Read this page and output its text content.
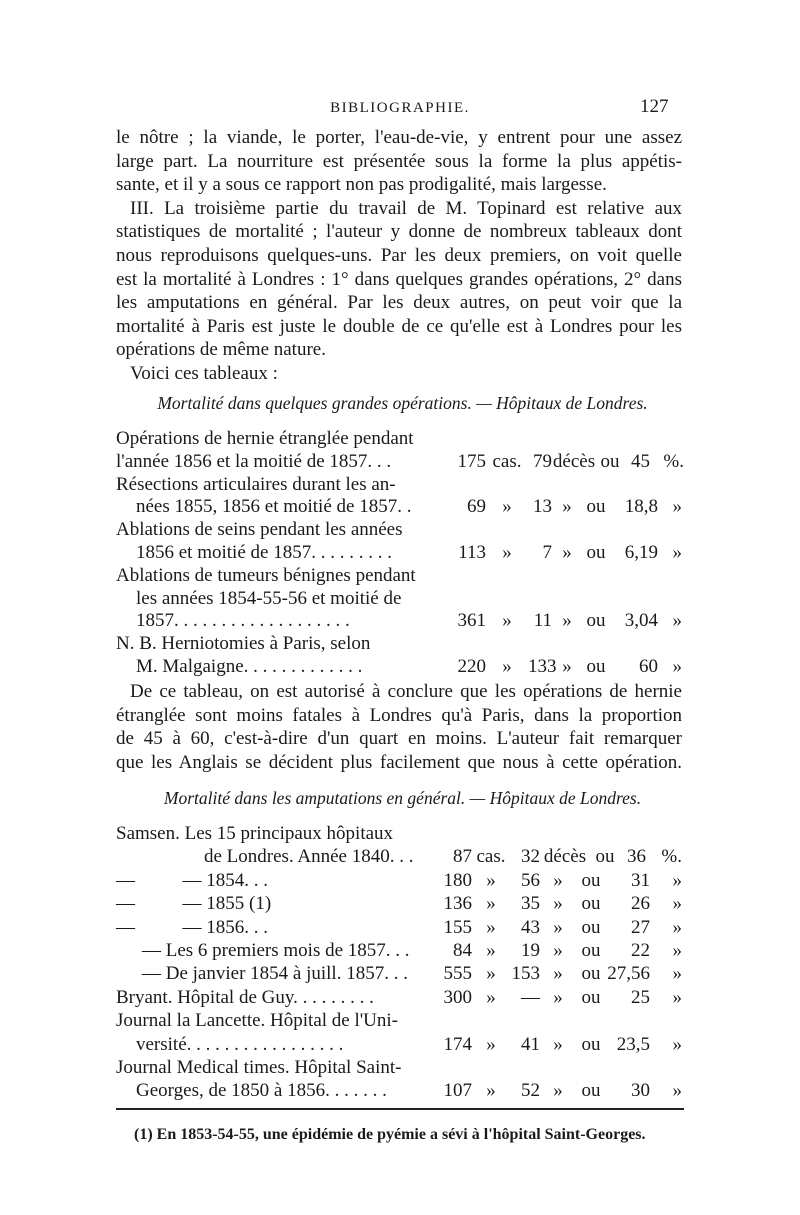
BIBLIOGRAPHIE.	127
le nôtre ; la viande, le porter, l'eau-de-vie, y entrent pour une assez
large part. La nourriture est présentée sous la forme la plus appétis-
sante, et il y a sous ce rapport non pas prodigalité, mais largesse.
III. La troisième partie du travail de M. Topinard est relative aux
statistiques de mortalité ; l'auteur y donne de nombreux tableaux dont
nous reproduisons quelques-uns. Par les deux premiers, on voit quelle
est la mortalité à Londres : 1° dans quelques grandes opérations, 2° dans
les amputations en général. Par les deux autres, on peut voir que la
mortalité à Paris est juste le double de ce qu'elle est à Londres pour les
opérations de même nature.
Voici ces tableaux :
Mortalité dans quelques grandes opérations. — Hôpitaux de Londres.
Opérations de hernie étranglée pendant
l'année 1856 et la moitié de 1857. . .	175 cas. 79 décès ou 45 %.
Résections articulaires durant les an-
nées 1855, 1856 et moitié de 1857. .	69 »	13 » ou	18,8 »
Ablations de seins pendant les années
1856 et moitié de 1857. . . . . . . . .	113 »	7 » ou	6,19 »
Ablations de tumeurs bénignes pendant
les années 1854-55-56 et moitié de
1857. . . . . . . . . . . . . . . . . . .	361 »	11 » ou	3,04 »
N. B. Herniotomies à Paris, selon
M. Malgaigne. . . . . . . . . . . . .	220 » 133 » ou	60 »
De ce tableau, on est autorisé à conclure que les opérations de hernie
étranglée sont moins fatales à Londres qu'à Paris, dans la proportion
de 45 à 60, c'est-à-dire d'un quart en moins. L'auteur fait remarquer
que les Anglais se décident plus facilement que nous à cette opération.
Mortalité dans les amputations en général. — Hôpitaux de Londres.
Samsen. Les 15 principaux hôpitaux
de Londres. Année 1840. . .	87 cas. 32 décès ou 36 %.
—          — 1854. . .	180 »	56 » ou	31	»
—          — 1855 (1)	136 »	35 » ou	26	»
—          — 1856. . .	155 »	43 » ou	27	»
— Les 6 premiers mois de 1857. . .	84 »	19 » ou	22	»
— De janvier 1854 à juill. 1857. . .	555 » 153 » ou 27,56	»
Bryant. Hôpital de Guy. . . . . . . . .	300 »	— » ou	25	»
Journal la Lancette. Hôpital de l'Uni-
versité. . . . . . . . . . . . . . . . .	174 »	41 » ou 23,5	»
Journal Medical times. Hôpital Saint-
Georges, de 1850 à 1856. . . . . . .	107 »	52 » ou	30	»
(1) En 1853-54-55, une épidémie de pyémie a sévi à l'hôpital Saint-Georges.
